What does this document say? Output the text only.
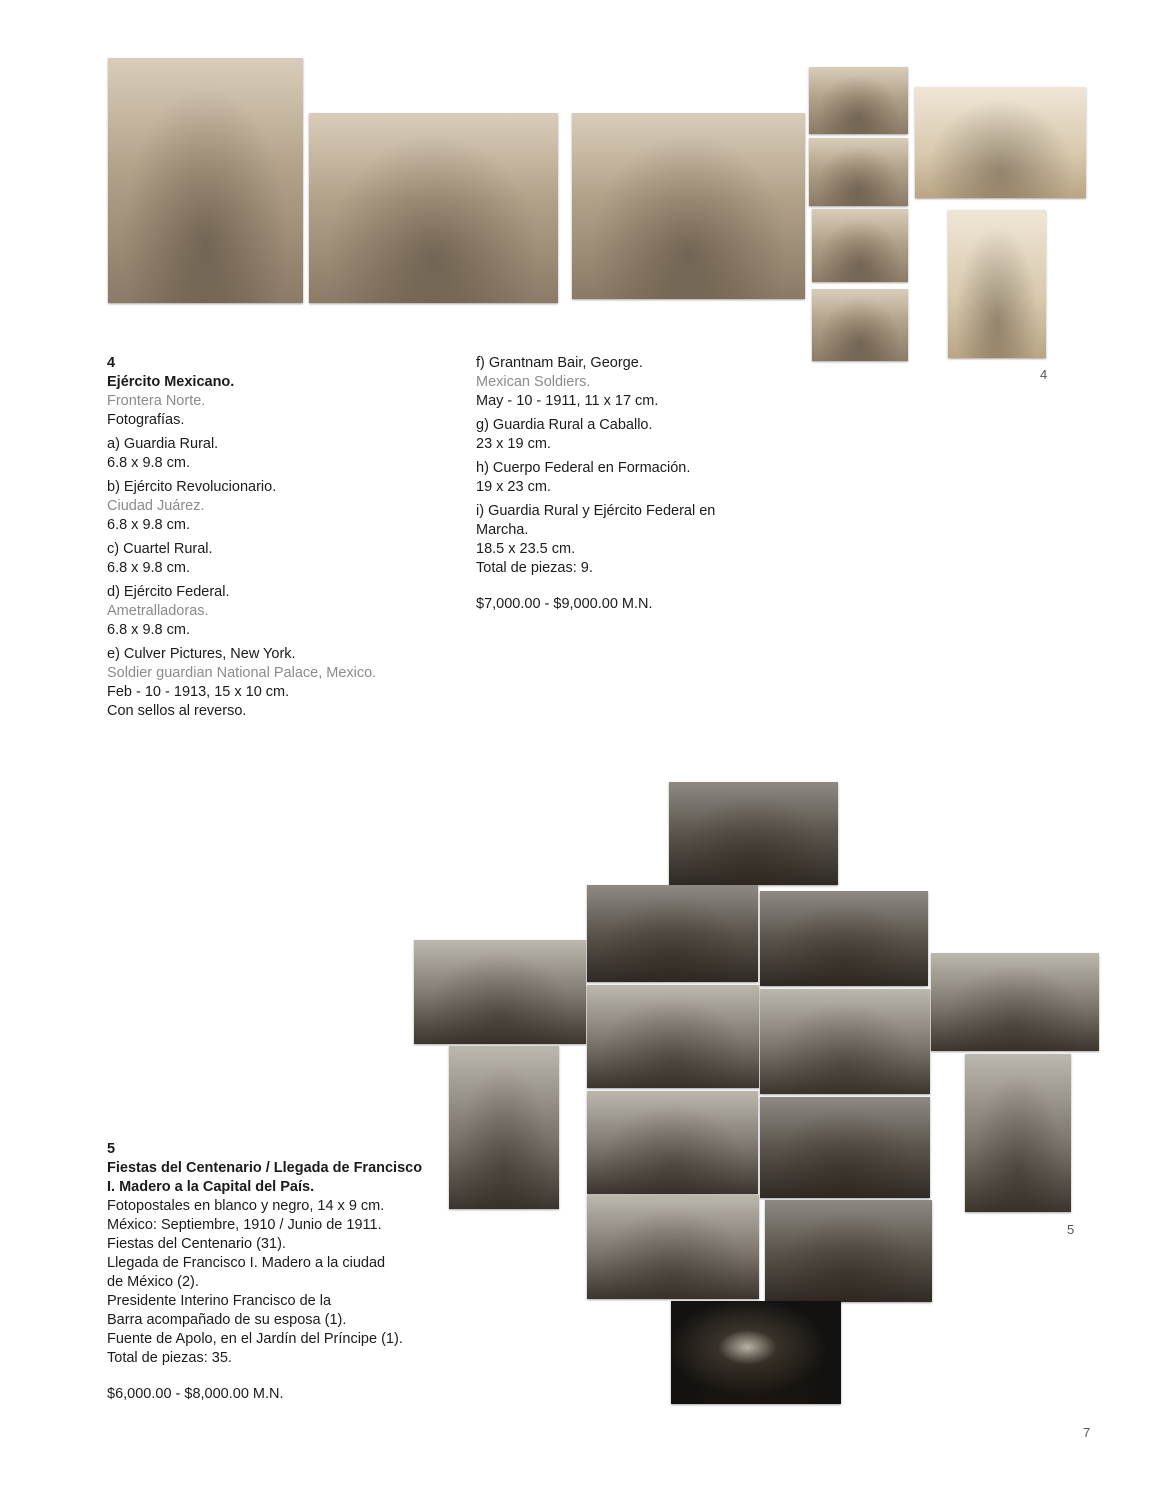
4

4

Ejército Mexicano.

Frontera Norte.

Fotografías.

a) Guardia Rural.

6.8 x 9.8 cm.

b) Ejército Revolucionario.

Ciudad Juárez.

6.8 x 9.8 cm.

c) Cuartel Rural.

6.8 x 9.8 cm.

d) Ejército Federal.

Ametralladoras.

6.8 x 9.8 cm.

e) Culver Pictures, New York.

Soldier guardian National Palace, Mexico.

Feb - 10 - 1913, 15 x 10 cm.

Con sellos al reverso.

f) Grantnam Bair, George.

Mexican Soldiers.

May - 10 - 1911, 11 x 17 cm.

g) Guardia Rural a Caballo.

23 x 19 cm.

h) Cuerpo Federal en Formación.

19 x 23 cm.

i) Guardia Rural y Ejército Federal en

Marcha.

18.5 x 23.5 cm.

Total de piezas: 9.

$7,000.00 - $9,000.00 M.N.

5

5

Fiestas del Centenario / Llegada de Francisco

I. Madero a la Capital del País.

Fotopostales en blanco y negro, 14 x 9 cm.

México: Septiembre, 1910 / Junio de 1911.

Fiestas del Centenario (31).

Llegada de Francisco I. Madero a la ciudad

de México (2).

Presidente Interino Francisco de la

Barra acompañado de su esposa (1).

Fuente de Apolo, en el Jardín del Príncipe (1).

Total de piezas: 35.

$6,000.00 - $8,000.00 M.N.

7
